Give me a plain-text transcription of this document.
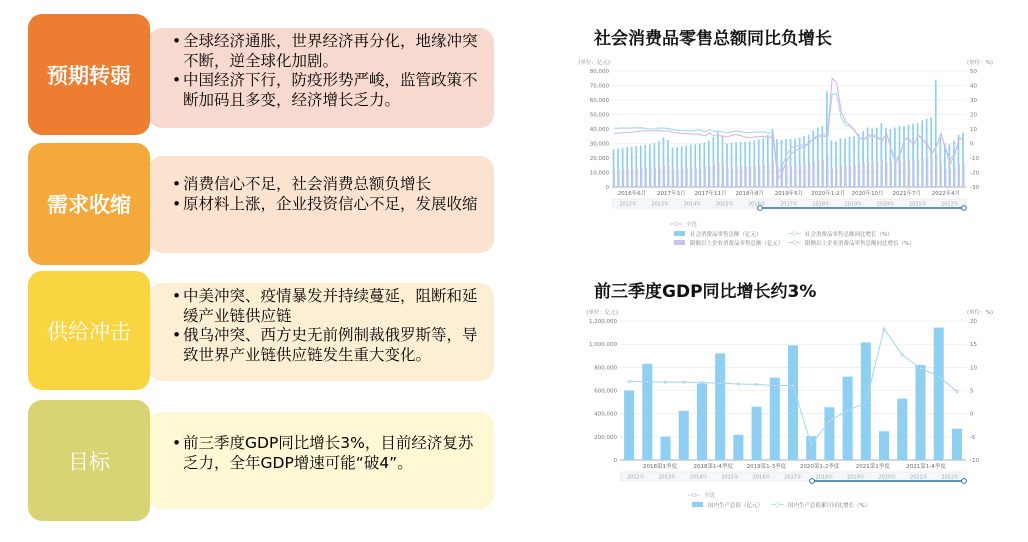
• 全球经济通胀，世界经济再分化，地缘冲突不断，逆全球化加剧。
• 中国经济下行，防疫形势严峻，监管政策不断加码且多变，经济增长乏力。
预期转弱
• 消费信心不足，社会消费总额负增长
• 原材料上涨，企业投资信心不足，发展收缩
需求收缩
• 中美冲突、疫情暴发并持续蔓延，阻断和延缓产业链供应链
• 俄乌冲突、西方史无前例制裁俄罗斯等，导致世界产业链供应链发生重大变化。
供给冲击
• 前三季度GDP同比增长3%，目前经济复苏乏力，全年GDP增速可能“破4”。
目标
社会消费品零售总额同比负增长
(单位：亿元)	(单位：%)
80,000	50
70,000	40
60,000	30
50,000	20
40,000	10
30,000	0
20,000	-10
10,000	-20
0	-30
2016年6月 2017年3月 2017年11月 2018年8月 2019年5月 2020年1-2月 2020年10月 2021年7月 2022年4月
2012年	2013年	2014年	2015年	2016年	2017年	2018年	2019年	2020年	2021年	2022年
全选
社会消费品零售总额（亿元）	社会消费品零售总额同比增长（%）
限额以上企业消费品零售总额（亿元）	限额以上企业消费品零售总额同比增长（%）
前三季度GDP同比增长约3%
(单位：亿元)	(单位：%)
1,200,000	20
1,000,000	15
800,000	10
600,000	5
400,000	0
200,000	-5
0	-10
2018第1季度	2018第1-4季度 2019第1-3季度 2020第1-2季度	2021第1季度	2021第1-4季度
2012年	2013年	2014年	2015年	2016年	2017年	2018年	2019年	2020年	2021年	2022年
全选
国内生产总值（亿元）	国内生产总值累计同比增长（%）
